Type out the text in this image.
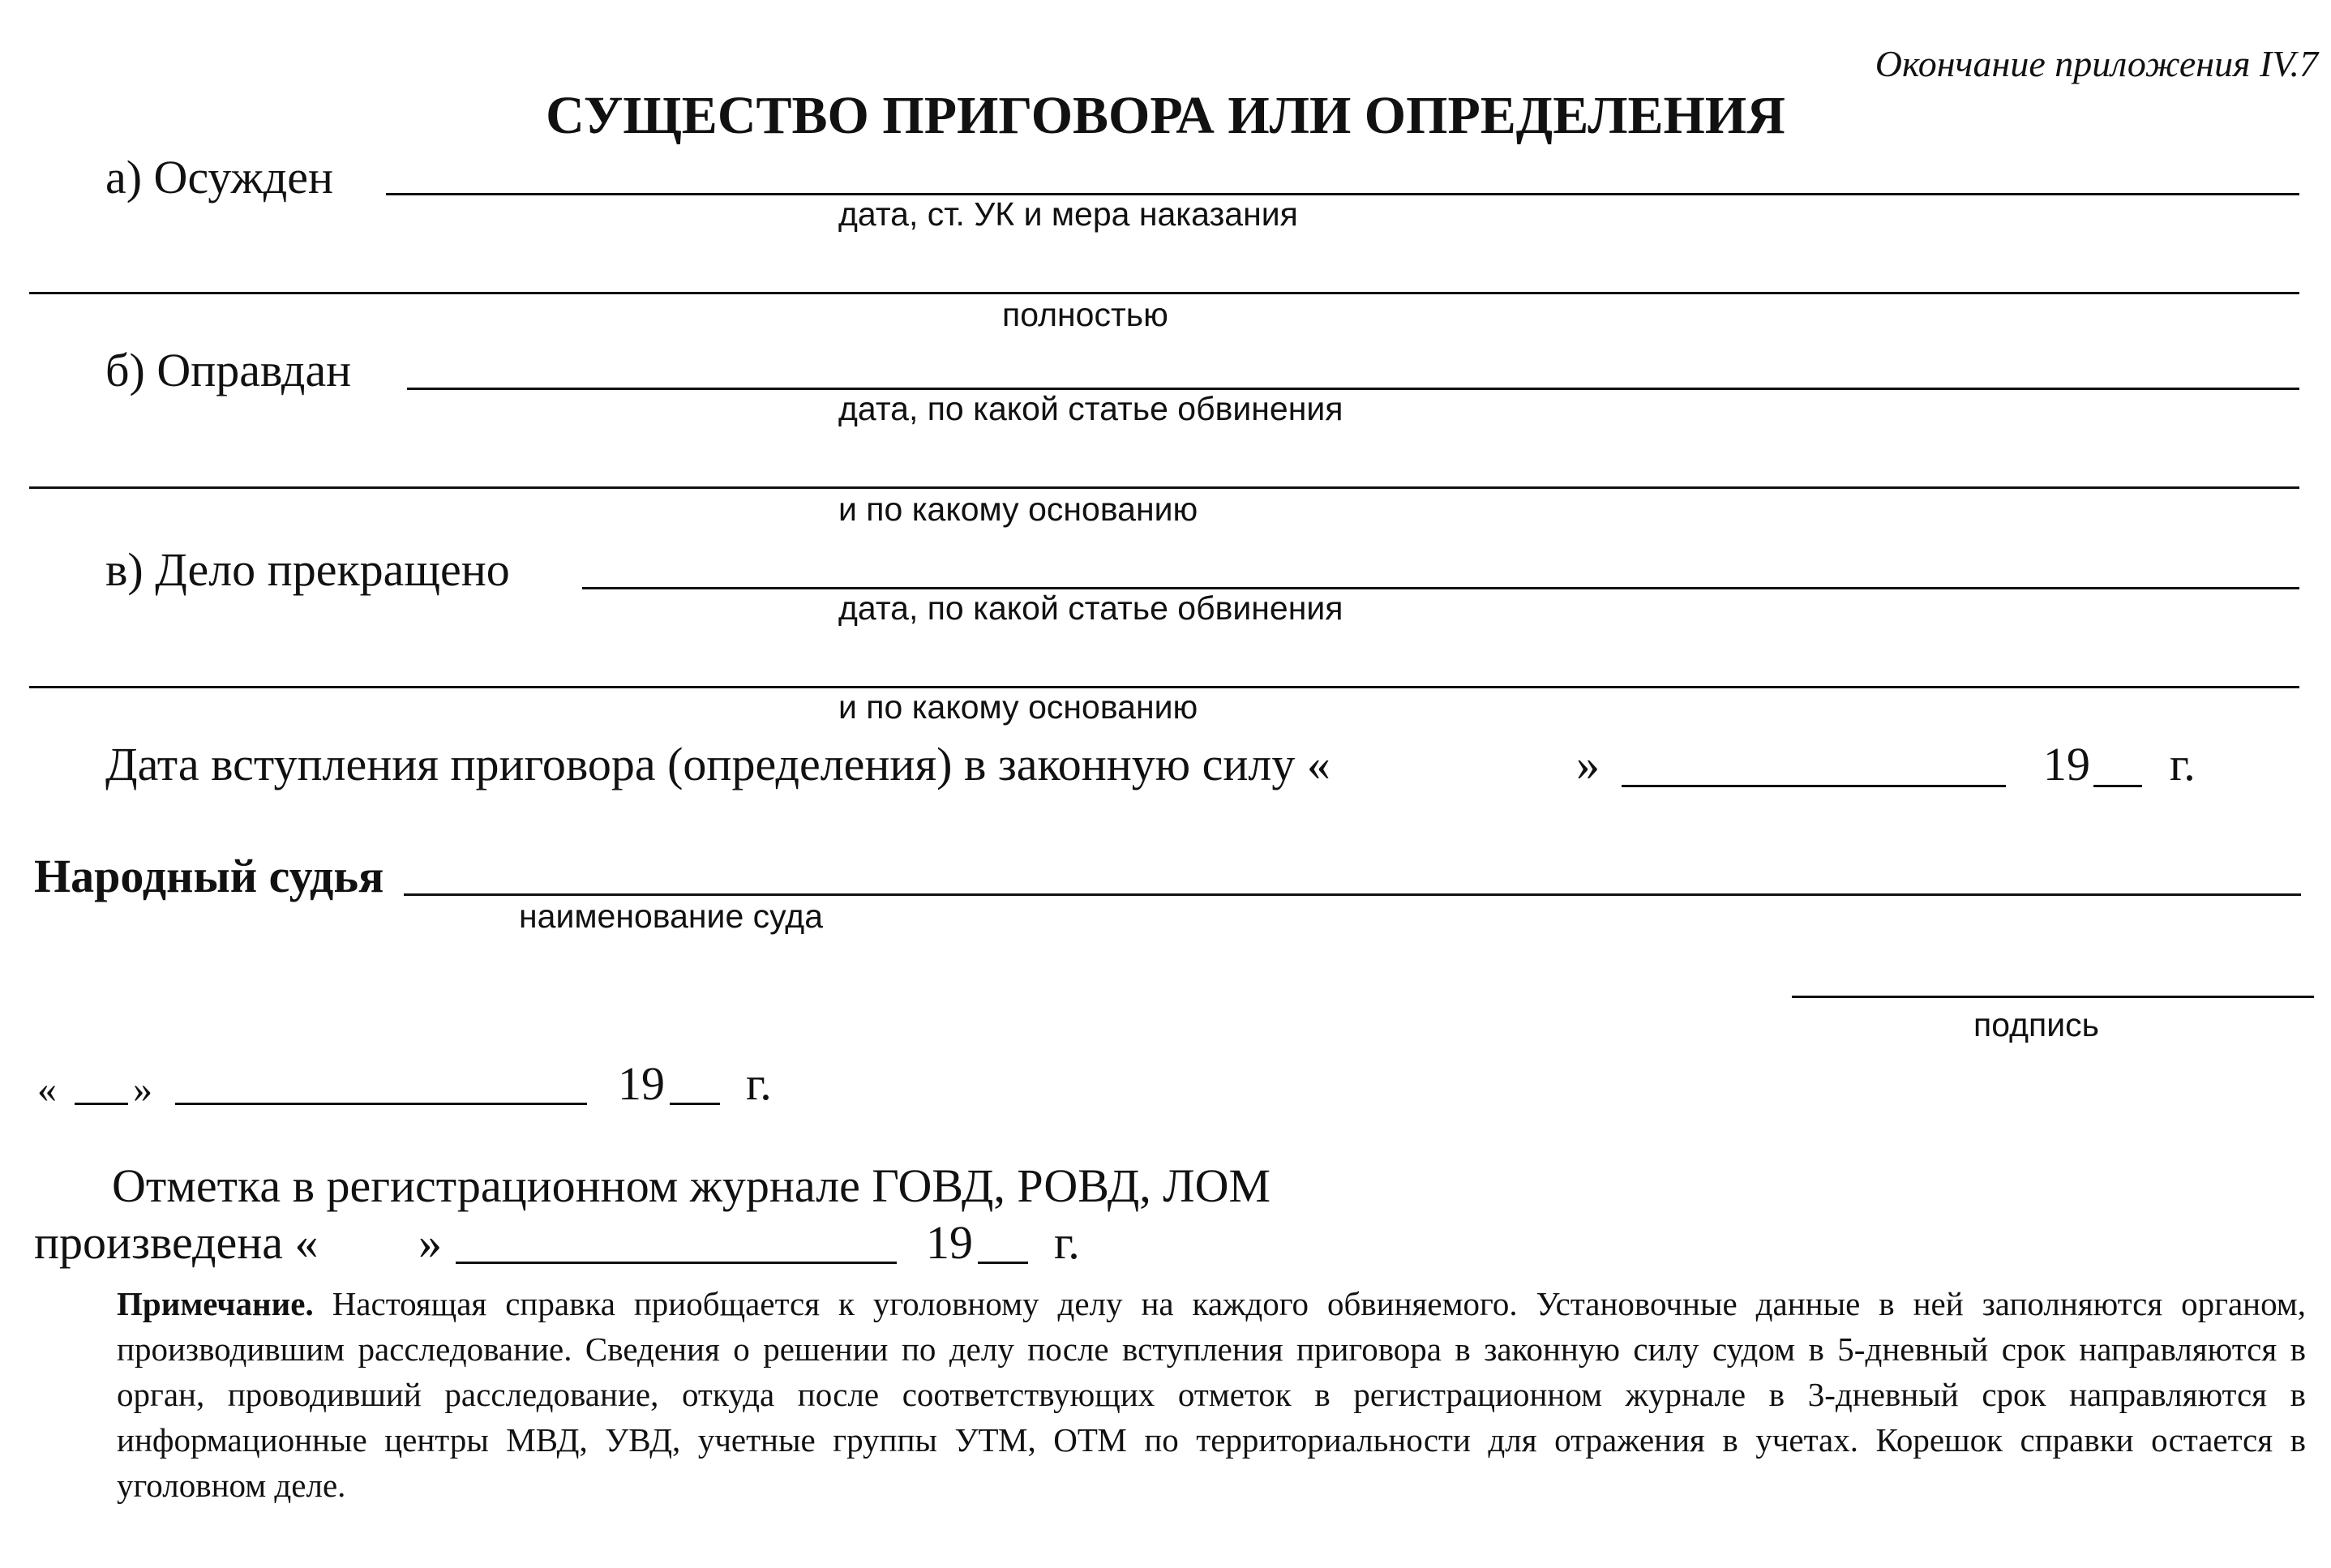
Окончание приложения IV.7
СУЩЕСТВО ПРИГОВОРА ИЛИ ОПРЕДЕЛЕНИЯ
а) Осужден
дата, ст. УК и мера наказания
полностью
б) Оправдан
дата, по какой статье обвинения
и по какому основанию
в) Дело прекращено
дата, по какой статье обвинения
и по какому основанию
Дата вступления приговора (определения) в законную силу «	»	19 г.
Народный судья
наименование суда
подпись
« »	19 г.
Отметка в регистрационном журнале ГОВД, РОВД, ЛОМ
произведена « »	19 г.
Примечание. Настоящая справка приобщается к уголовному делу на каждого обвиняемого. Установочные данные в ней заполняются органом, производившим расследование. Сведения о решении по делу после вступления приговора в законную силу судом в 5-дневный срок направляются в орган, проводивший расследование, откуда после соответствующих отметок в регистрационном журнале в 3-дневный срок направляются в информационные центры МВД, УВД, учетные группы УТМ, ОТМ по территориальности для отражения в учетах. Корешок справки остается в уголовном деле.
